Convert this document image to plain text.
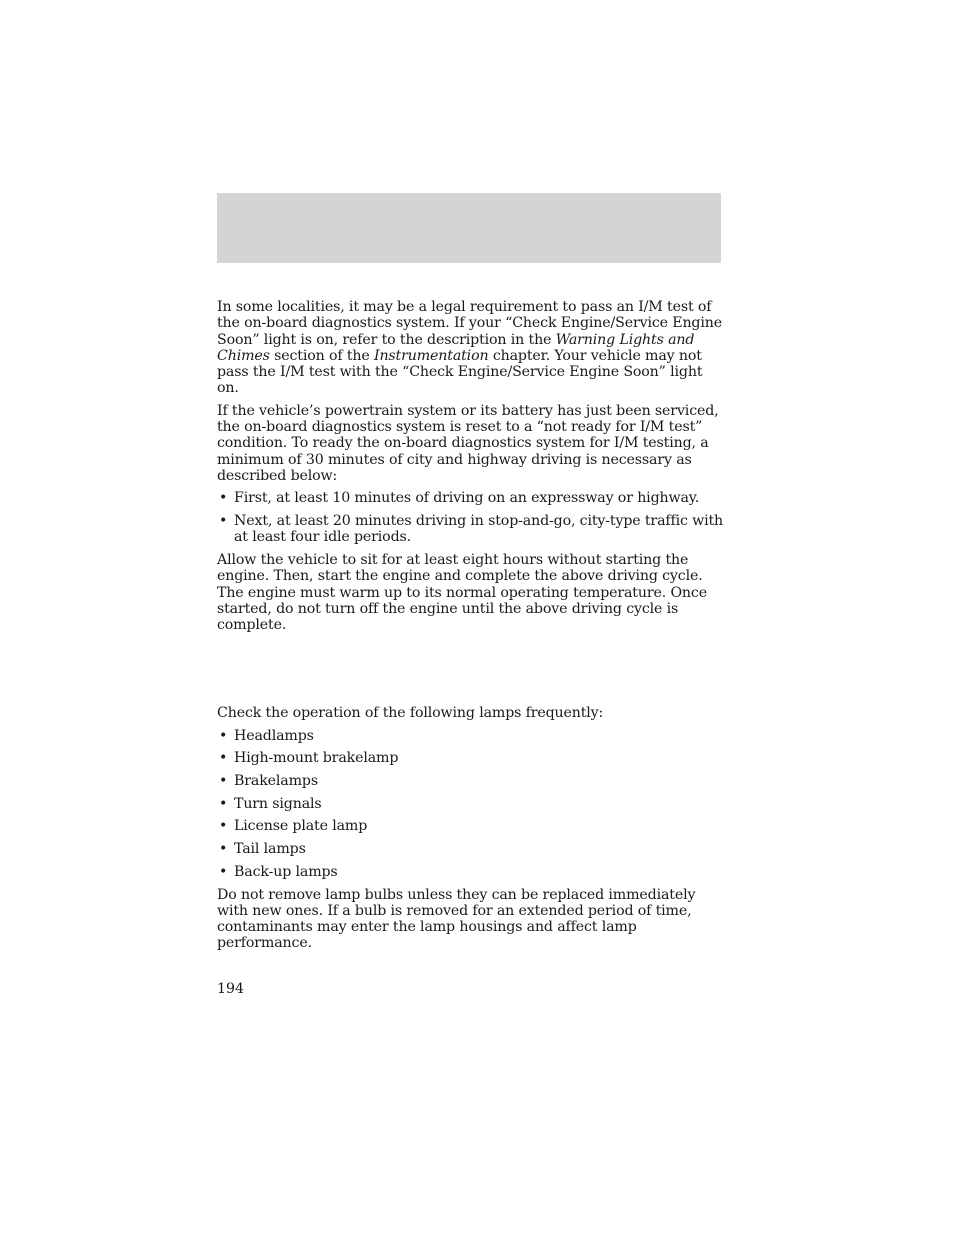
In some localities, it may be a legal requirement to pass an I/M test of the on-board diagnostics system. If your “Check Engine/Service Engine Soon” light is on, refer to the description in the Warning Lights and Chimes section of the Instrumentation chapter. Your vehicle may not pass the I/M test with the “Check Engine/Service Engine Soon” light on.

If the vehicle’s powertrain system or its battery has just been serviced, the on-board diagnostics system is reset to a “not ready for I/M test” condition. To ready the on-board diagnostics system for I/M testing, a minimum of 30 minutes of city and highway driving is necessary as described below:

• First, at least 10 minutes of driving on an expressway or highway.
• Next, at least 20 minutes driving in stop-and-go, city-type traffic with at least four idle periods.

Allow the vehicle to sit for at least eight hours without starting the engine. Then, start the engine and complete the above driving cycle. The engine must warm up to its normal operating temperature. Once started, do not turn off the engine until the above driving cycle is complete.

Check the operation of the following lamps frequently:

• Headlamps
• High-mount brakelamp
• Brakelamps
• Turn signals
• License plate lamp
• Tail lamps
• Back-up lamps

Do not remove lamp bulbs unless they can be replaced immediately with new ones. If a bulb is removed for an extended period of time, contaminants may enter the lamp housings and affect lamp performance.

194
